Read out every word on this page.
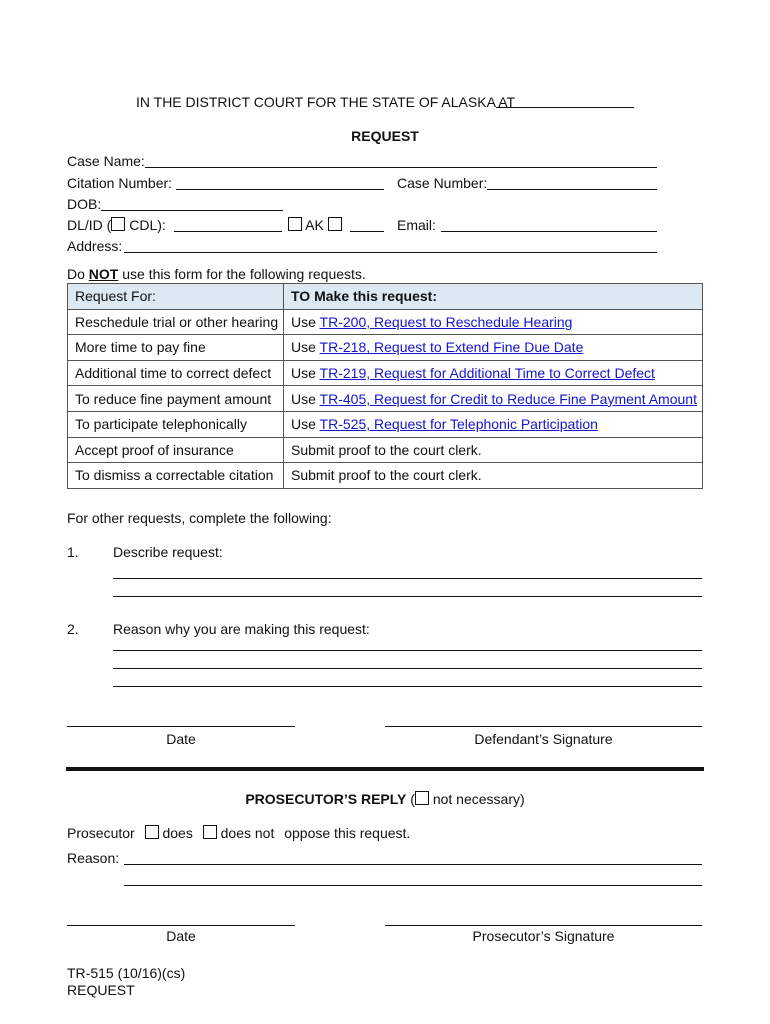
IN THE DISTRICT COURT FOR THE STATE OF ALASKA AT
REQUEST
Case Name:
Citation Number:	Case Number:
DOB:
DL/ID ( CDL):	AK	Email:
Address:
Do NOT use this form for the following requests.
Request For:	TO Make this request:
Reschedule trial or other hearing	Use TR-200, Request to Reschedule Hearing
More time to pay fine	Use TR-218, Request to Extend Fine Due Date
Additional time to correct defect	Use TR-219, Request for Additional Time to Correct Defect
To reduce fine payment amount	Use TR-405, Request for Credit to Reduce Fine Payment Amount
To participate telephonically	Use TR-525, Request for Telephonic Participation
Accept proof of insurance	Submit proof to the court clerk.
To dismiss a correctable citation	Submit proof to the court clerk.
For other requests, complete the following:
1. Describe request:
2. Reason why you are making this request:
Date	Defendant’s Signature
PROSECUTOR’S REPLY ( not necessary)
Prosecutor does does not oppose this request.
Reason:
Date	Prosecutor’s Signature
TR-515 (10/16)(cs)
REQUEST
